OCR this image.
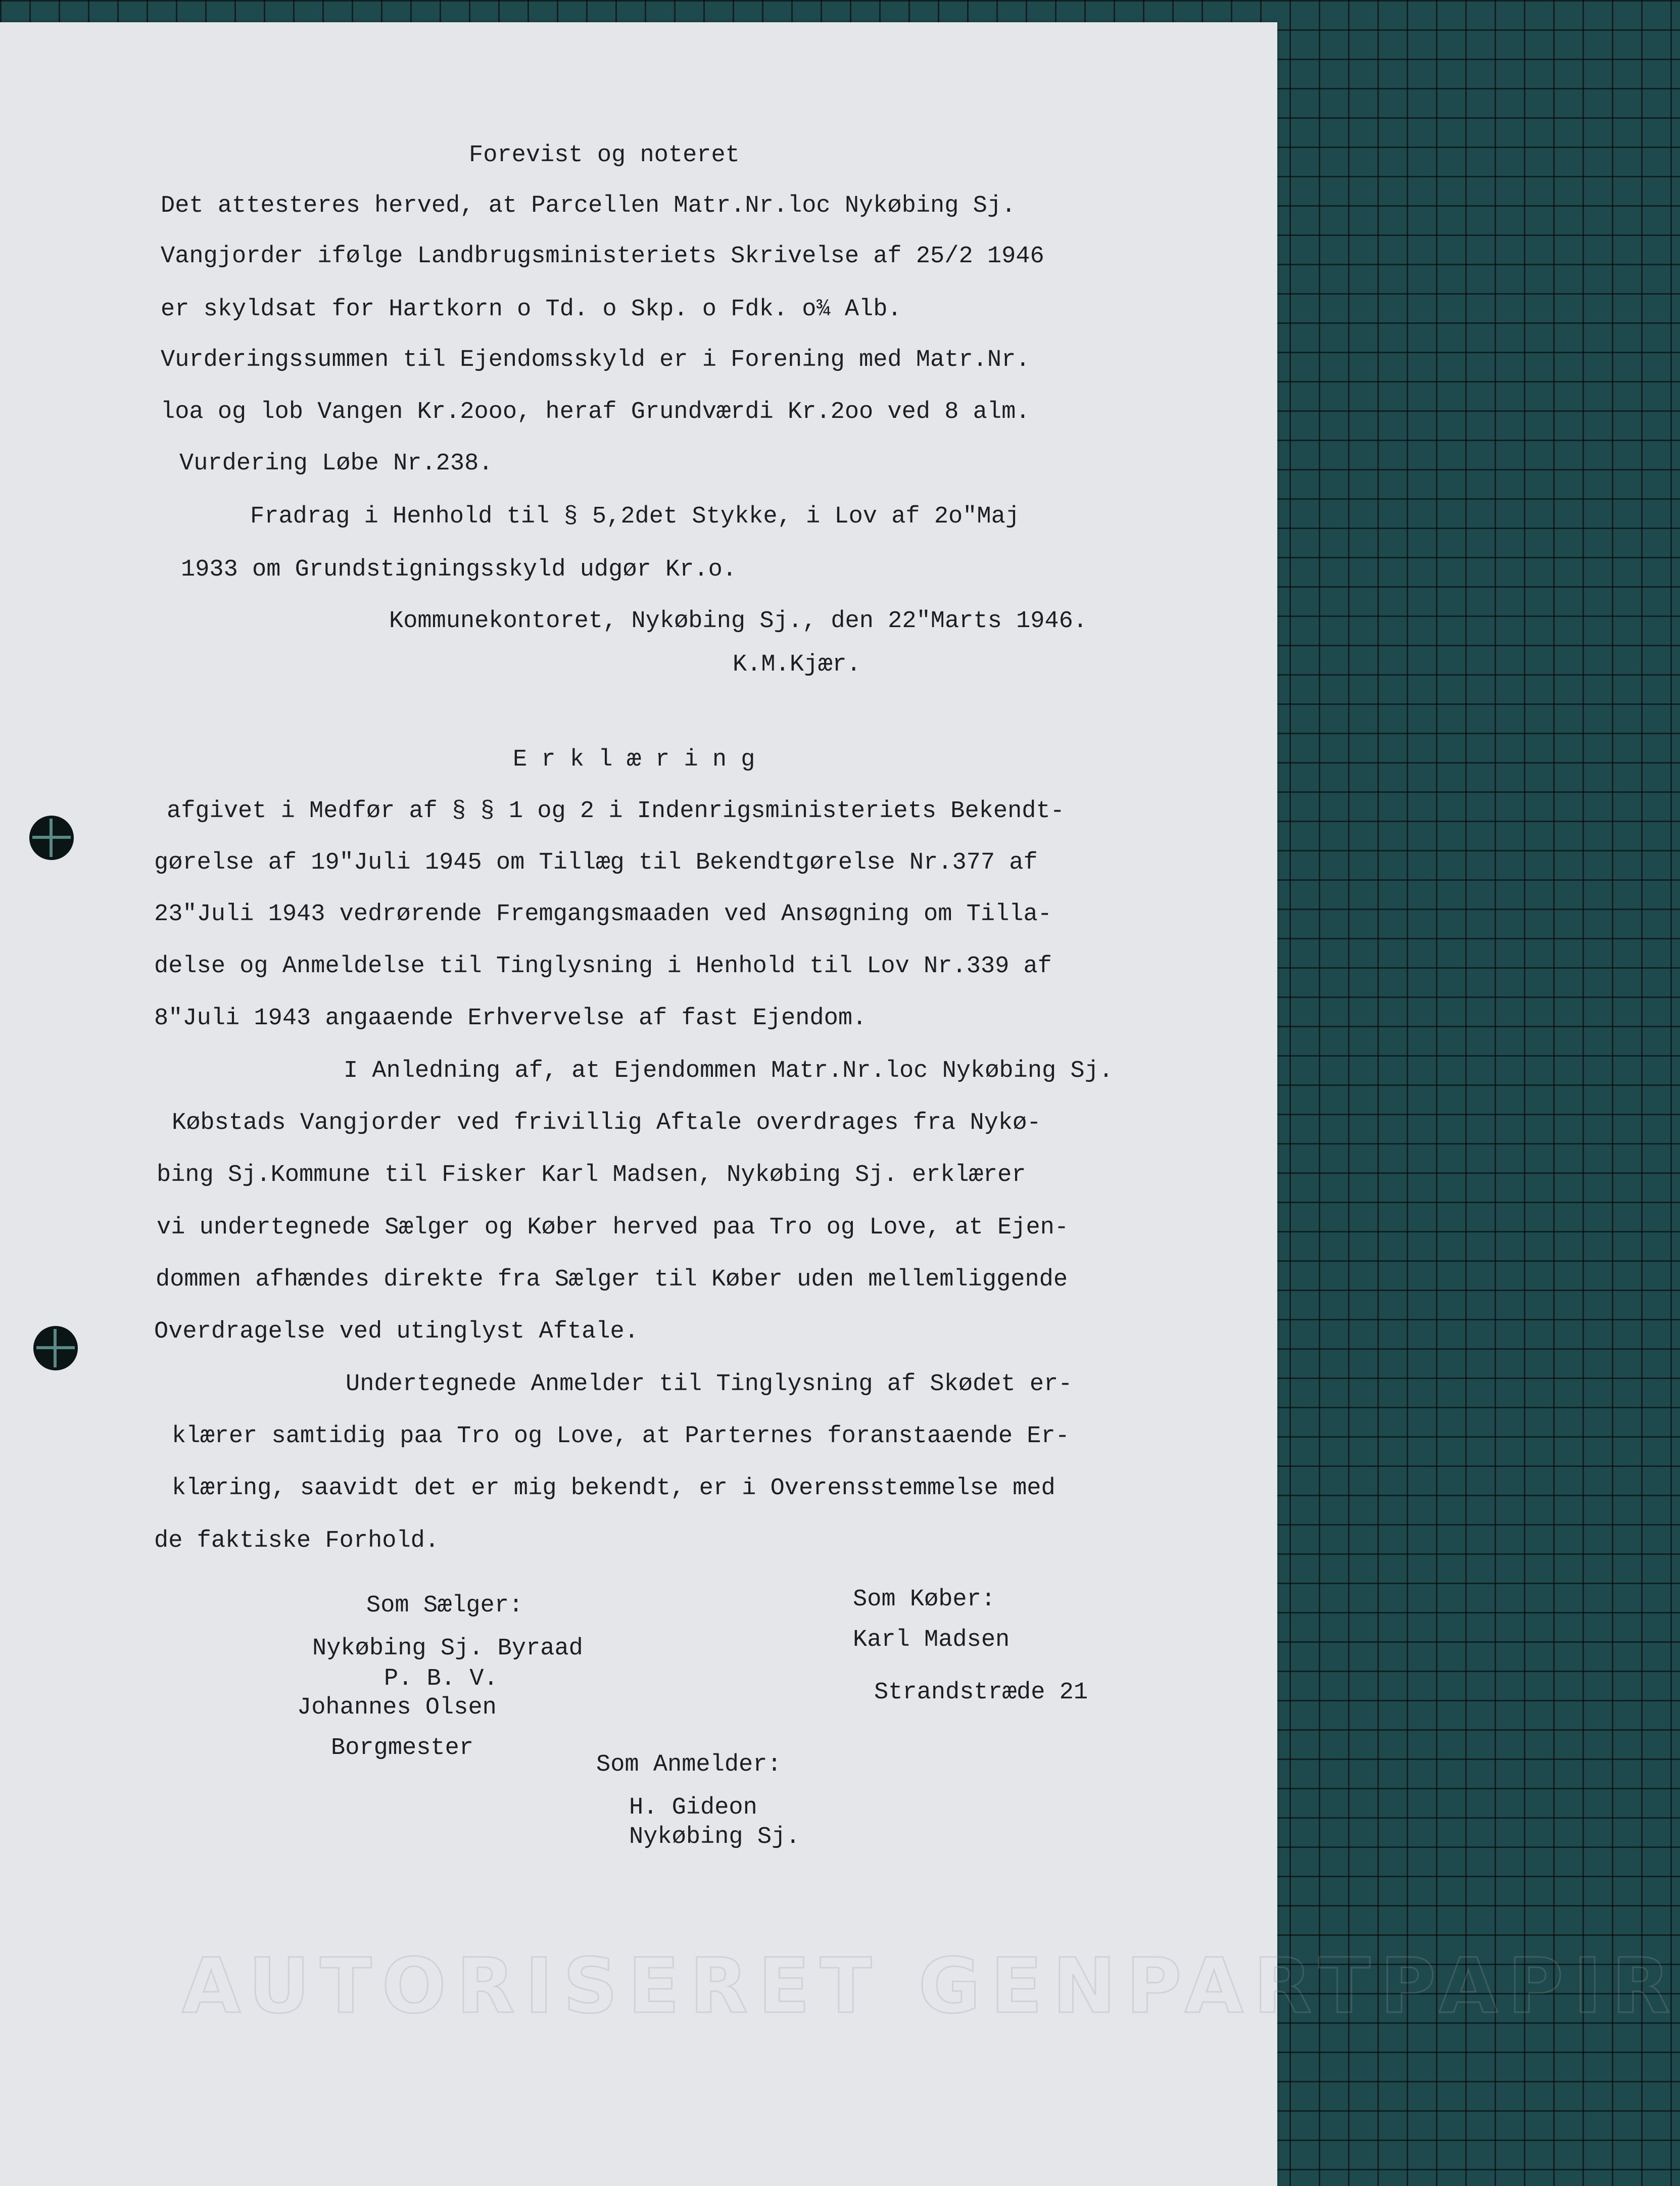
AUTORISERET GENPARTPAPIR
Forevist og noteret
Det attesteres herved, at Parcellen Matr.Nr.loc Nykøbing Sj.
Vangjorder ifølge Landbrugsministeriets Skrivelse af 25/2 1946
er skyldsat for Hartkorn o Td. o Skp. o Fdk. o¾ Alb.
Vurderingssummen til Ejendomsskyld er i Forening med Matr.Nr.
loa og lob Vangen Kr.2ooo, heraf Grundværdi Kr.2oo ved 8 alm.
Vurdering Løbe Nr.238.
Fradrag i Henhold til § 5,2det Stykke, i Lov af 2o"Maj
1933 om Grundstigningsskyld udgør Kr.o.
Kommunekontoret, Nykøbing Sj., den 22"Marts 1946.
K.M.Kjær.
E r k l æ r i n g
afgivet i Medfør af § § 1 og 2 i Indenrigsministeriets Bekendt-
gørelse af 19"Juli 1945 om Tillæg til Bekendtgørelse Nr.377 af
23"Juli 1943 vedrørende Fremgangsmaaden ved Ansøgning om Tilla-
delse og Anmeldelse til Tinglysning i Henhold til Lov Nr.339 af
8"Juli 1943 angaaende Erhvervelse af fast Ejendom.
I Anledning af, at Ejendommen Matr.Nr.loc Nykøbing Sj.
Købstads Vangjorder ved frivillig Aftale overdrages fra Nykø-
bing Sj.Kommune til Fisker Karl Madsen, Nykøbing Sj. erklærer
vi undertegnede Sælger og Køber herved paa Tro og Love, at Ejen-
dommen afhændes direkte fra Sælger til Køber uden mellemliggende
Overdragelse ved utinglyst Aftale.
Undertegnede Anmelder til Tinglysning af Skødet er-
klærer samtidig paa Tro og Love, at Parternes foranstaaende Er-
klæring, saavidt det er mig bekendt, er i Overensstemmelse med
de faktiske Forhold.
Som Sælger:
Nykøbing Sj. Byraad
P. B. V.
Johannes Olsen
Borgmester
Som Køber:
Karl Madsen
Strandstræde 21
Som Anmelder:
H. Gideon
Nykøbing Sj.
